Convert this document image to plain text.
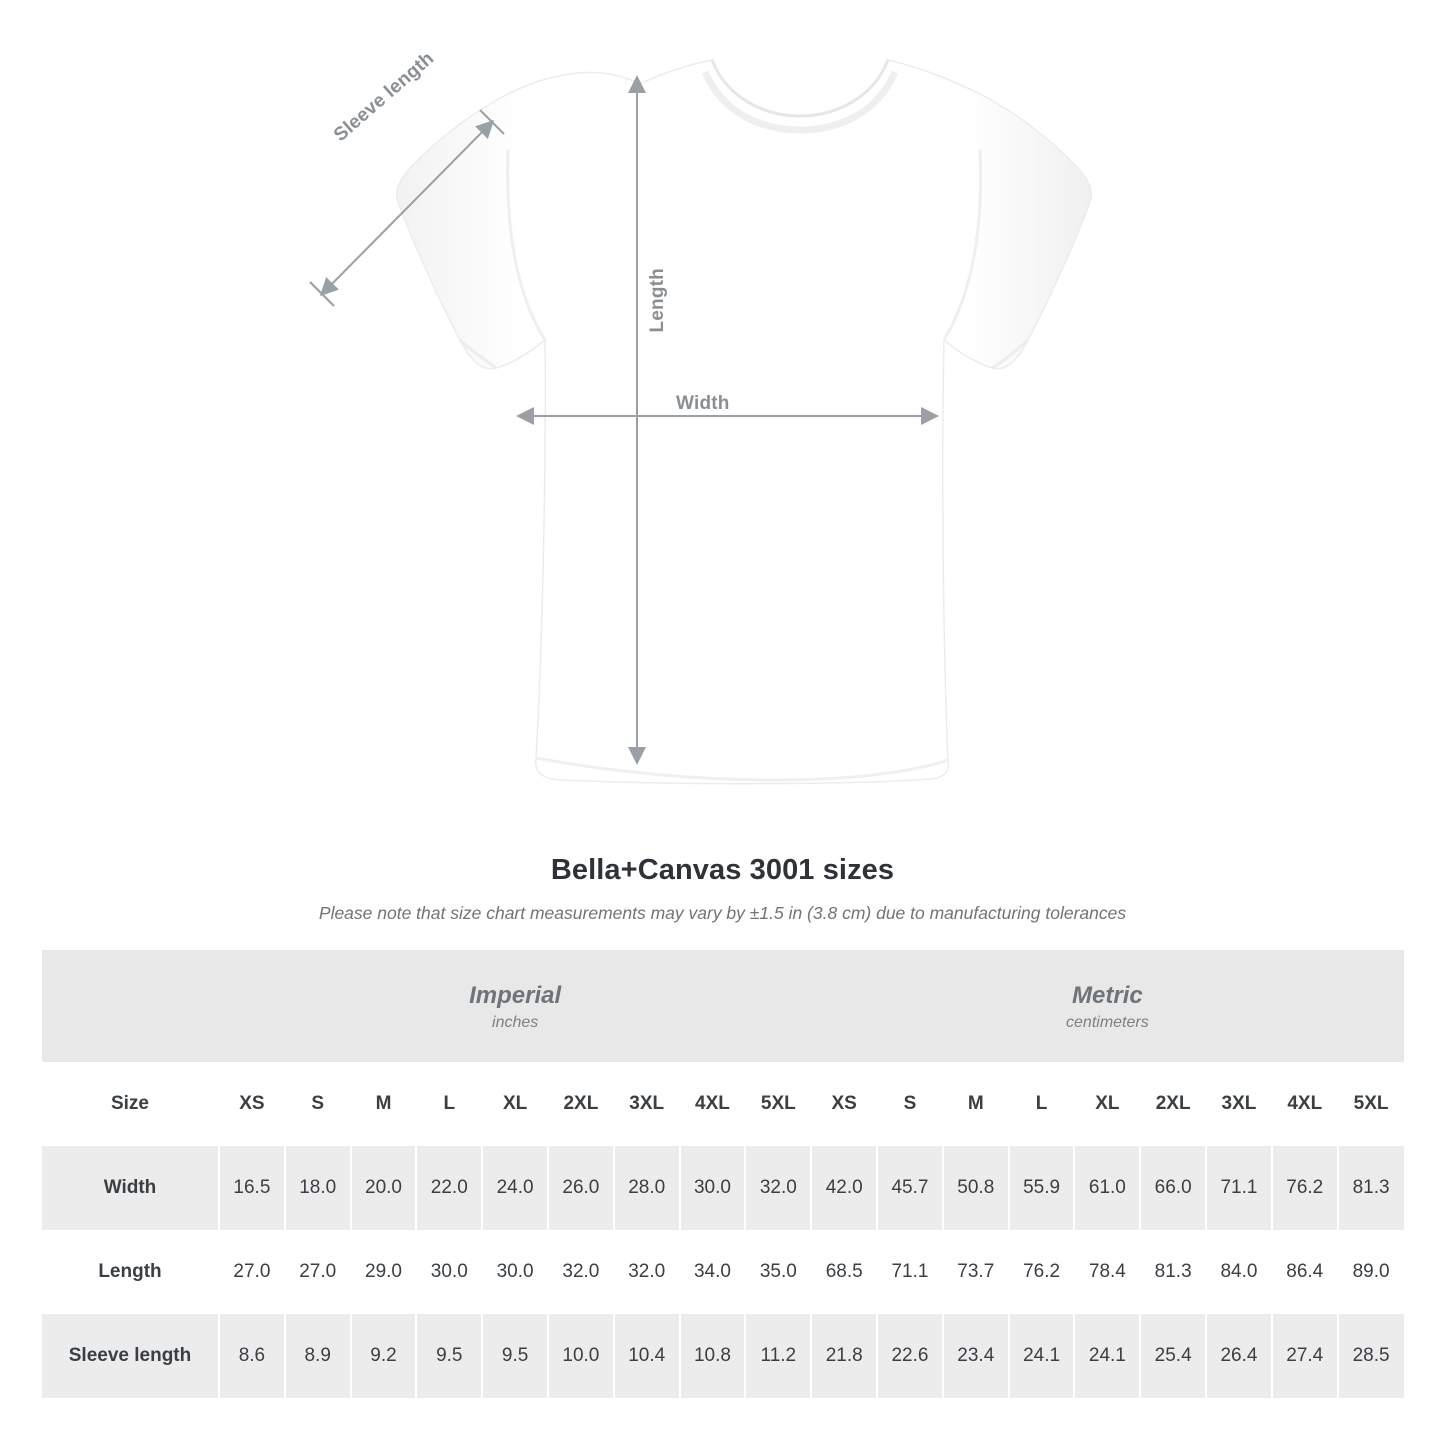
Length
Width
Sleeve length
Bella+Canvas 3001 sizes
Please note that size chart measurements may vary by ±1.5 in (3.8 cm) due to manufacturing tolerances

Imperial
inches

Metric
centimeters

Size	XS	S	M	L	XL	2XL	3XL	4XL	5XL	XS	S	M	L	XL	2XL	3XL	4XL	5XL
Width	16.5	18.0	20.0	22.0	24.0	26.0	28.0	30.0	32.0	42.0	45.7	50.8	55.9	61.0	66.0	71.1	76.2	81.3
Length	27.0	27.0	29.0	30.0	30.0	32.0	32.0	34.0	35.0	68.5	71.1	73.7	76.2	78.4	81.3	84.0	86.4	89.0
Sleeve length	8.6	8.9	9.2	9.5	9.5	10.0	10.4	10.8	11.2	21.8	22.6	23.4	24.1	24.1	25.4	26.4	27.4	28.5
